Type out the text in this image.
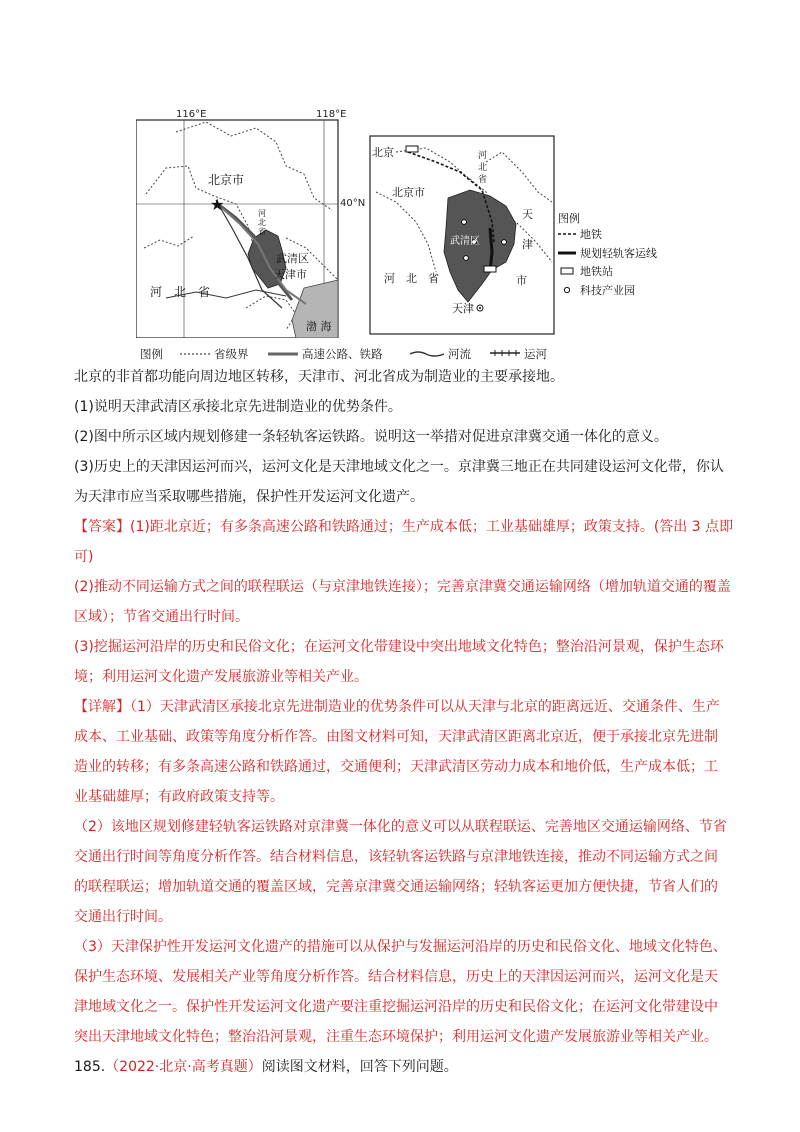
★
116°E	118°E
40°N
北京市
河
北
省
武清区
天津市
河　北　省
渤 海
北京
北京市
河
北
省
武清区
天
津
市
河　北　省
天津
图例
地铁
规划轻轨客运线
地铁站
科技产业园
图例	省级界	高速公路、铁路	河流	运河

北京的非首都功能向周边地区转移，天津市、河北省成为制造业的主要承接地。

(1)说明天津武清区承接北京先进制造业的优势条件。

(2)图中所示区域内规划修建一条轻轨客运铁路。说明这一举措对促进京津冀交通一体化的意义。

(3)历史上的天津因运河而兴，运河文化是天津地域文化之一。京津冀三地正在共同建设运河文化带，你认

为天津市应当采取哪些措施，保护性开发运河文化遗产。

【答案】(1)距北京近；有多条高速公路和铁路通过；生产成本低；工业基础雄厚；政策支持。(答出 3 点即

可)

(2)推动不同运输方式之间的联程联运（与京津地铁连接）；完善京津冀交通运输网络（增加轨道交通的覆盖

区域）；节省交通出行时间。

(3)挖掘运河沿岸的历史和民俗文化；在运河文化带建设中突出地域文化特色；整治沿河景观，保护生态环

境；利用运河文化遗产发展旅游业等相关产业。

【详解】（1）天津武清区承接北京先进制造业的优势条件可以从天津与北京的距离远近、交通条件、生产

成本、工业基础、政策等角度分析作答。由图文材料可知，天津武清区距离北京近，便于承接北京先进制

造业的转移；有多条高速公路和铁路通过，交通便利；天津武清区劳动力成本和地价低，生产成本低；工

业基础雄厚；有政府政策支持等。

（2）该地区规划修建轻轨客运铁路对京津冀一体化的意义可以从联程联运、完善地区交通运输网络、节省

交通出行时间等角度分析作答。结合材料信息，该轻轨客运铁路与京津地铁连接，推动不同运输方式之间

的联程联运；增加轨道交通的覆盖区域，完善京津冀交通运输网络；轻轨客运更加方便快捷，节省人们的

交通出行时间。

（3）天津保护性开发运河文化遗产的措施可以从保护与发掘运河沿岸的历史和民俗文化、地域文化特色、

保护生态环境、发展相关产业等角度分析作答。结合材料信息，历史上的天津因运河而兴，运河文化是天

津地域文化之一。保护性开发运河文化遗产要注重挖掘运河沿岸的历史和民俗文化；在运河文化带建设中

突出天津地域文化特色；整治沿河景观，注重生态环境保护；利用运河文化遗产发展旅游业等相关产业。

185.（2022·北京·高考真题）阅读图文材料，回答下列问题。
